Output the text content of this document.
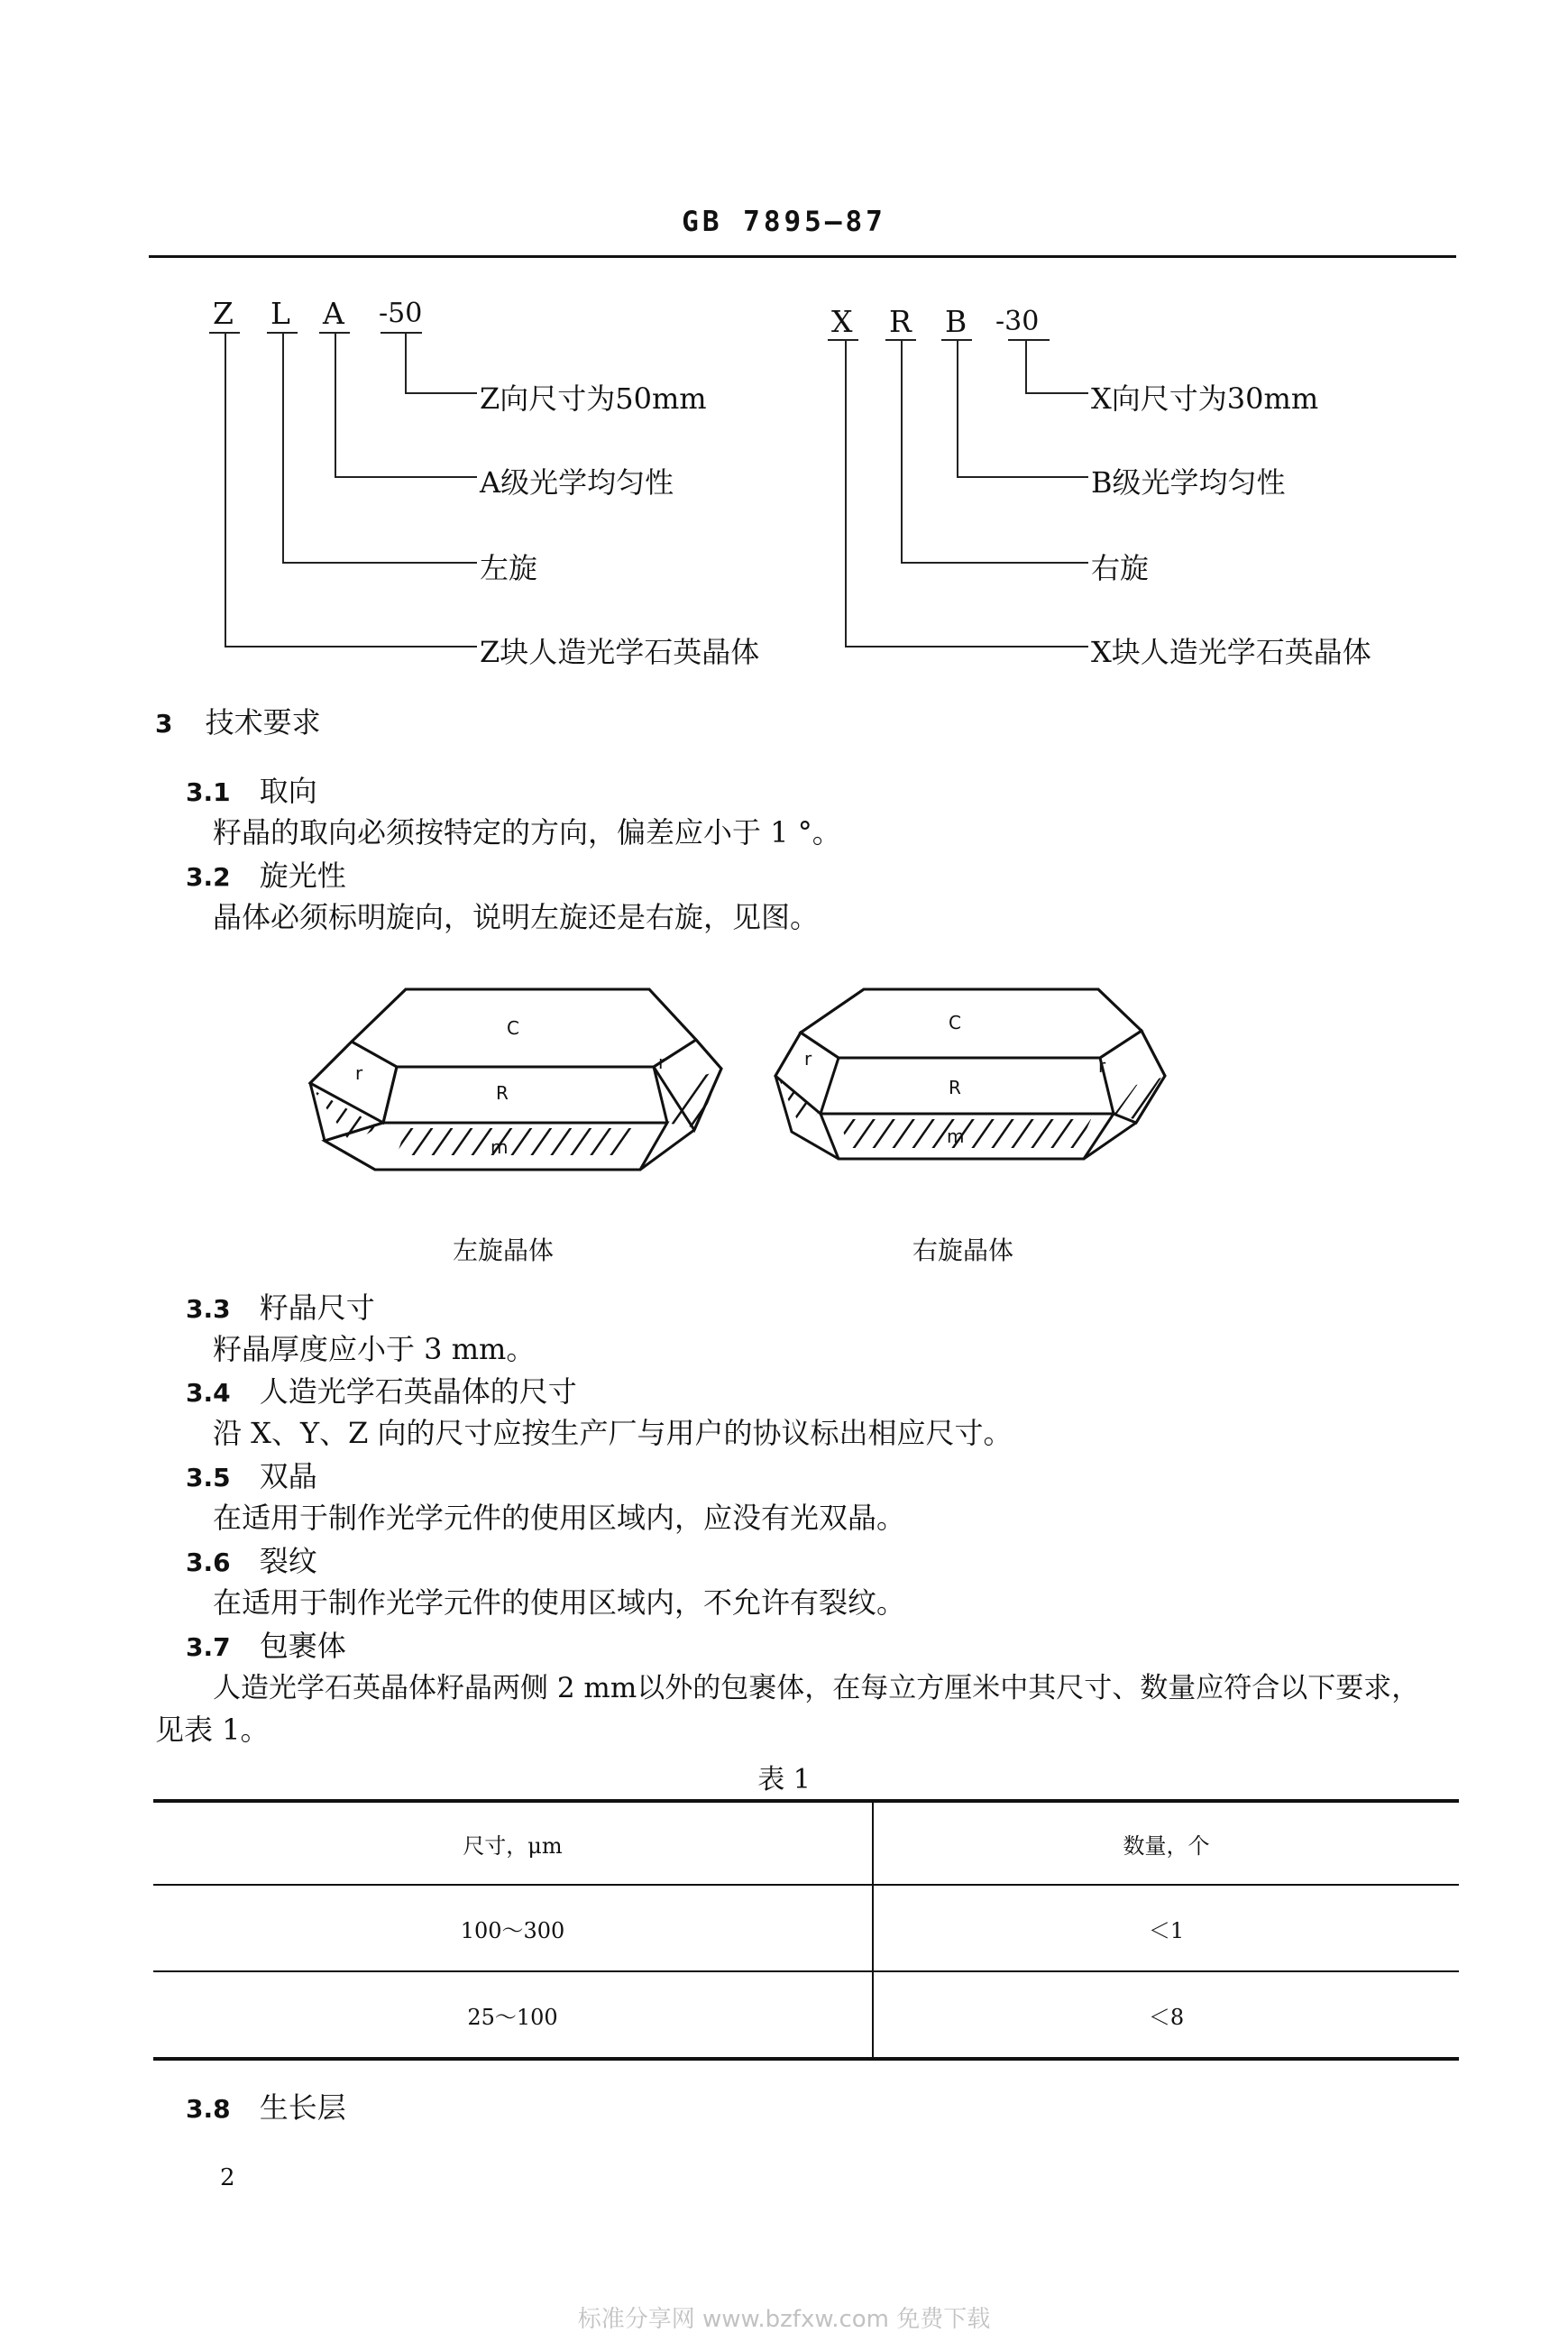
GB 7895—87
Z L A -50
Z向尺寸为50mm
A级光学均匀性
左旋
Z块人造光学石英晶体
X R B -30
X向尺寸为30mm
B级光学均匀性
右旋
X块人造光学石英晶体
3 技术要求
3.1 取向
籽晶的取向必须按特定的方向，偏差应小于 1 °。
3.2 旋光性
晶体必须标明旋向，说明左旋还是右旋，见图。
C
r	r
R
m
C
r	r
R
m
左旋晶体	右旋晶体
3.3 籽晶尺寸
籽晶厚度应小于 3 mm。
3.4 人造光学石英晶体的尺寸
沿 X、Y、Z 向的尺寸应按生产厂与用户的协议标出相应尺寸。
3.5 双晶
在适用于制作光学元件的使用区域内，应没有光双晶。
3.6 裂纹
在适用于制作光学元件的使用区域内，不允许有裂纹。
3.7 包裹体
人造光学石英晶体籽晶两侧 2 mm以外的包裹体，在每立方厘米中其尺寸、数量应符合以下要求，
见表 1。
表 1
尺寸，μm	数量，个
100～300	＜1
25～100	＜8
3.8 生长层
2
标准分享网 www.bzfxw.com 免费下载
